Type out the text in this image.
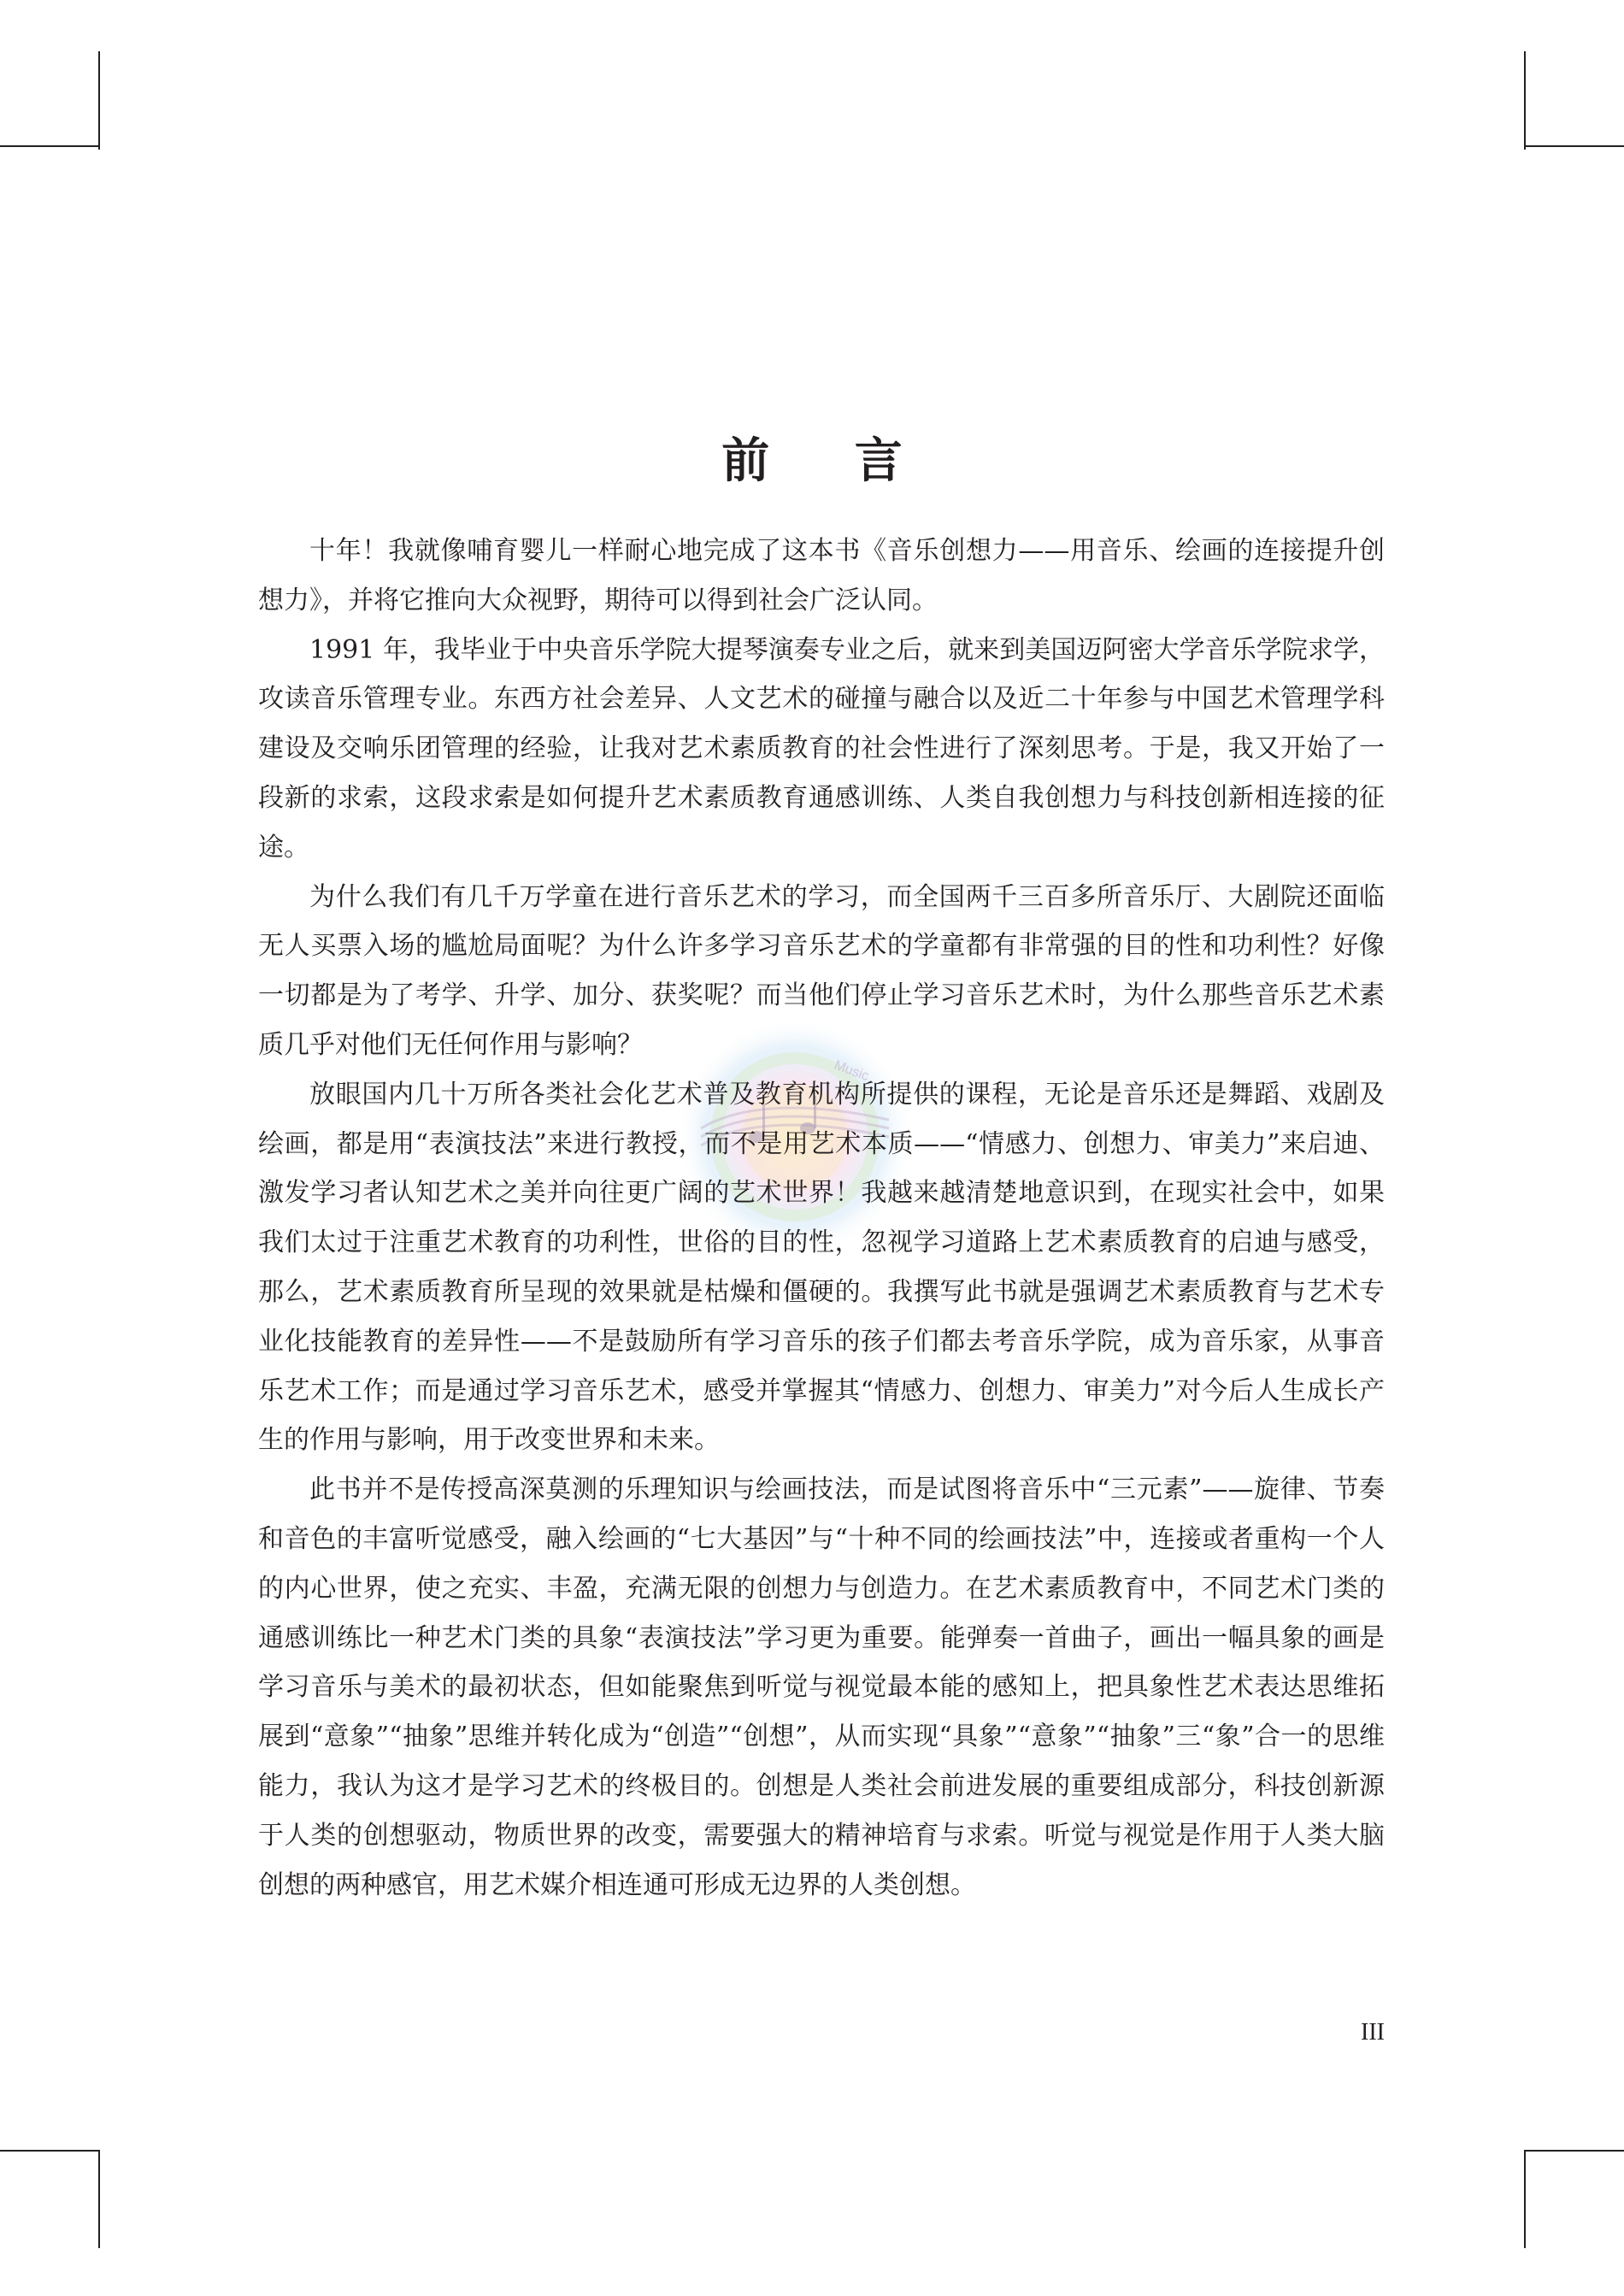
Music
前 言

十年！我就像哺育婴儿一样耐心地完成了这本书《音乐创想力——用音乐、绘画的连接提升创想力》，并将它推向大众视野，期待可以得到社会广泛认同。

1991 年，我毕业于中央音乐学院大提琴演奏专业之后，就来到美国迈阿密大学音乐学院求学，攻读音乐管理专业。东西方社会差异、人文艺术的碰撞与融合以及近二十年参与中国艺术管理学科建设及交响乐团管理的经验，让我对艺术素质教育的社会性进行了深刻思考。于是，我又开始了一段新的求索，这段求索是如何提升艺术素质教育通感训练、人类自我创想力与科技创新相连接的征途。

为什么我们有几千万学童在进行音乐艺术的学习，而全国两千三百多所音乐厅、大剧院还面临无人买票入场的尴尬局面呢？为什么许多学习音乐艺术的学童都有非常强的目的性和功利性？好像一切都是为了考学、升学、加分、获奖呢？而当他们停止学习音乐艺术时，为什么那些音乐艺术素质几乎对他们无任何作用与影响？

放眼国内几十万所各类社会化艺术普及教育机构所提供的课程，无论是音乐还是舞蹈、戏剧及绘画，都是用“表演技法”来进行教授，而不是用艺术本质——“情感力、创想力、审美力”来启迪、激发学习者认知艺术之美并向往更广阔的艺术世界！我越来越清楚地意识到，在现实社会中，如果我们太过于注重艺术教育的功利性，世俗的目的性，忽视学习道路上艺术素质教育的启迪与感受，那么，艺术素质教育所呈现的效果就是枯燥和僵硬的。我撰写此书就是强调艺术素质教育与艺术专业化技能教育的差异性——不是鼓励所有学习音乐的孩子们都去考音乐学院，成为音乐家，从事音乐艺术工作；而是通过学习音乐艺术，感受并掌握其“情感力、创想力、审美力”对今后人生成长产生的作用与影响，用于改变世界和未来。

此书并不是传授高深莫测的乐理知识与绘画技法，而是试图将音乐中“三元素”——旋律、节奏和音色的丰富听觉感受，融入绘画的“七大基因”与“十种不同的绘画技法”中，连接或者重构一个人的内心世界，使之充实、丰盈，充满无限的创想力与创造力。在艺术素质教育中，不同艺术门类的通感训练比一种艺术门类的具象“表演技法”学习更为重要。能弹奏一首曲子，画出一幅具象的画是学习音乐与美术的最初状态，但如能聚焦到听觉与视觉最本能的感知上，把具象性艺术表达思维拓展到“意象”“抽象”思维并转化成为“创造”“创想”，从而实现“具象”“意象”“抽象”三“象”合一的思维能力，我认为这才是学习艺术的终极目的。创想是人类社会前进发展的重要组成部分，科技创新源于人类的创想驱动，物质世界的改变，需要强大的精神培育与求索。听觉与视觉是作用于人类大脑创想的两种感官，用艺术媒介相连通可形成无边界的人类创想。

III
